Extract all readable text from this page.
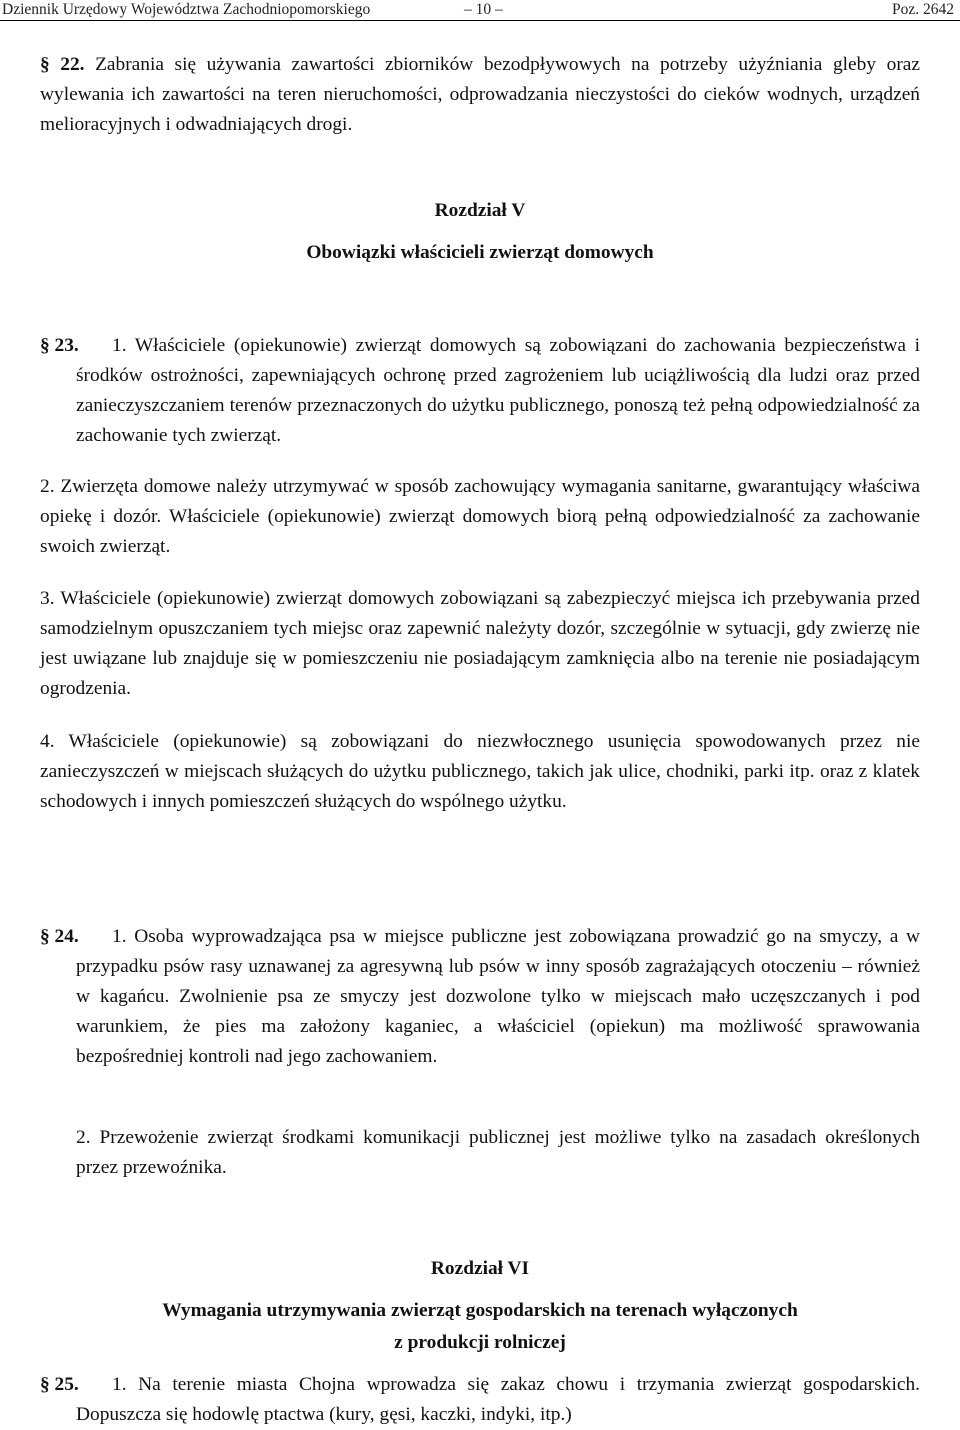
Dziennik Urzędowy Województwa Zachodniopomorskiego	– 10 –	Poz. 2642

§ 22. Zabrania się używania zawartości zbiorników bezodpływowych na potrzeby użyźniania gleby oraz wylewania ich zawartości na teren nieruchomości, odprowadzania nieczystości do cieków wodnych, urządzeń melioracyjnych i odwadniających drogi.

Rozdział V

Obowiązki właścicieli zwierząt domowych

§ 23.	1. Właściciele (opiekunowie) zwierząt domowych są zobowiązani do zachowania bezpieczeństwa i środków ostrożności, zapewniających ochronę przed zagrożeniem lub uciążliwością dla ludzi oraz przed zanieczyszczaniem terenów przeznaczonych do użytku publicznego, ponoszą też pełną odpowiedzialność za zachowanie tych zwierząt.

2. Zwierzęta domowe należy utrzymywać w sposób zachowujący wymagania sanitarne, gwarantujący właściwa opiekę i dozór. Właściciele (opiekunowie) zwierząt domowych biorą pełną odpowiedzialność za zachowanie swoich zwierząt.

3. Właściciele (opiekunowie) zwierząt domowych zobowiązani są zabezpieczyć miejsca ich przebywania przed samodzielnym opuszczaniem tych miejsc oraz zapewnić należyty dozór, szczególnie w sytuacji, gdy zwierzę nie jest uwiązane lub znajduje się w pomieszczeniu nie posiadającym zamknięcia albo na terenie nie posiadającym ogrodzenia.

4. Właściciele (opiekunowie) są zobowiązani do niezwłocznego usunięcia spowodowanych przez nie zanieczyszczeń w miejscach służących do użytku publicznego, takich jak ulice, chodniki, parki itp. oraz z klatek schodowych i innych pomieszczeń służących do wspólnego użytku.

§ 24.	1. Osoba wyprowadzająca psa w miejsce publiczne jest zobowiązana prowadzić go na smyczy, a w przypadku psów rasy uznawanej za agresywną lub psów w inny sposób zagrażających otoczeniu – również w kagańcu. Zwolnienie psa ze smyczy jest dozwolone tylko w miejscach mało uczęszczanych i pod warunkiem, że pies ma założony kaganiec, a właściciel (opiekun) ma możliwość sprawowania bezpośredniej kontroli nad jego zachowaniem.

2. Przewożenie zwierząt środkami komunikacji publicznej jest możliwe tylko na zasadach określonych przez przewoźnika.

Rozdział VI

Wymagania utrzymywania zwierząt gospodarskich na terenach wyłączonych

z produkcji rolniczej

§ 25.	1. Na terenie miasta Chojna wprowadza się zakaz chowu i trzymania zwierząt gospodarskich. Dopuszcza się hodowlę ptactwa (kury, gęsi, kaczki, indyki, itp.)
